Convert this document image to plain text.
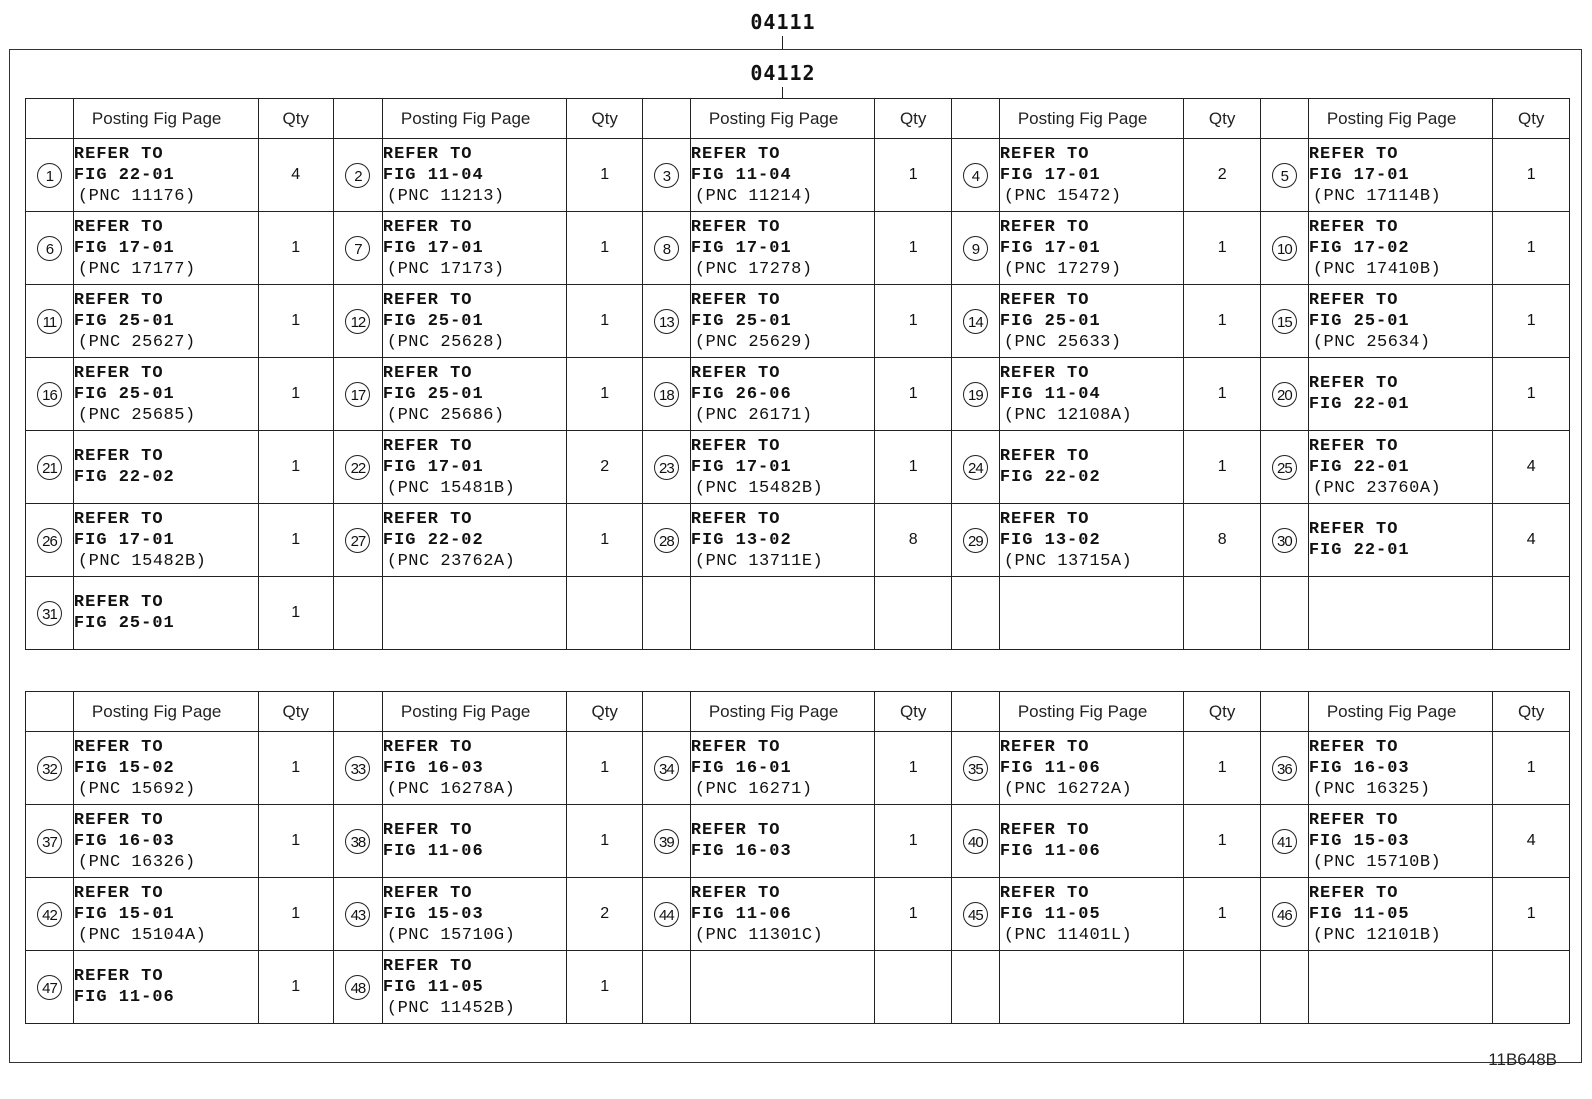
04111
04112
	Posting Fig Page	Qty		Posting Fig Page	Qty		Posting Fig Page	Qty		Posting Fig Page	Qty		Posting Fig Page	Qty
1	REFER TO
FIG 22-01
(PNC 11176)	4	2	REFER TO
FIG 11-04
(PNC 11213)	1	3	REFER TO
FIG 11-04
(PNC 11214)	1	4	REFER TO
FIG 17-01
(PNC 15472)	2	5	REFER TO
FIG 17-01
(PNC 17114B)	1
6	REFER TO
FIG 17-01
(PNC 17177)	1	7	REFER TO
FIG 17-01
(PNC 17173)	1	8	REFER TO
FIG 17-01
(PNC 17278)	1	9	REFER TO
FIG 17-01
(PNC 17279)	1	10	REFER TO
FIG 17-02
(PNC 17410B)	1
11	REFER TO
FIG 25-01
(PNC 25627)	1	12	REFER TO
FIG 25-01
(PNC 25628)	1	13	REFER TO
FIG 25-01
(PNC 25629)	1	14	REFER TO
FIG 25-01
(PNC 25633)	1	15	REFER TO
FIG 25-01
(PNC 25634)	1
16	REFER TO
FIG 25-01
(PNC 25685)	1	17	REFER TO
FIG 25-01
(PNC 25686)	1	18	REFER TO
FIG 26-06
(PNC 26171)	1	19	REFER TO
FIG 11-04
(PNC 12108A)	1	20	REFER TO
FIG 22-01	1
21	REFER TO
FIG 22-02	1	22	REFER TO
FIG 17-01
(PNC 15481B)	2	23	REFER TO
FIG 17-01
(PNC 15482B)	1	24	REFER TO
FIG 22-02	1	25	REFER TO
FIG 22-01
(PNC 23760A)	4
26	REFER TO
FIG 17-01
(PNC 15482B)	1	27	REFER TO
FIG 22-02
(PNC 23762A)	1	28	REFER TO
FIG 13-02
(PNC 13711E)	8	29	REFER TO
FIG 13-02
(PNC 13715A)	8	30	REFER TO
FIG 22-01	4
31	REFER TO
FIG 25-01	1												
	Posting Fig Page	Qty		Posting Fig Page	Qty		Posting Fig Page	Qty		Posting Fig Page	Qty		Posting Fig Page	Qty
32	REFER TO
FIG 15-02
(PNC 15692)	1	33	REFER TO
FIG 16-03
(PNC 16278A)	1	34	REFER TO
FIG 16-01
(PNC 16271)	1	35	REFER TO
FIG 11-06
(PNC 16272A)	1	36	REFER TO
FIG 16-03
(PNC 16325)	1
37	REFER TO
FIG 16-03
(PNC 16326)	1	38	REFER TO
FIG 11-06	1	39	REFER TO
FIG 16-03	1	40	REFER TO
FIG 11-06	1	41	REFER TO
FIG 15-03
(PNC 15710B)	4
42	REFER TO
FIG 15-01
(PNC 15104A)	1	43	REFER TO
FIG 15-03
(PNC 15710G)	2	44	REFER TO
FIG 11-06
(PNC 11301C)	1	45	REFER TO
FIG 11-05
(PNC 11401L)	1	46	REFER TO
FIG 11-05
(PNC 12101B)	1
47	REFER TO
FIG 11-06	1	48	REFER TO
FIG 11-05
(PNC 11452B)	1									
11B648B
